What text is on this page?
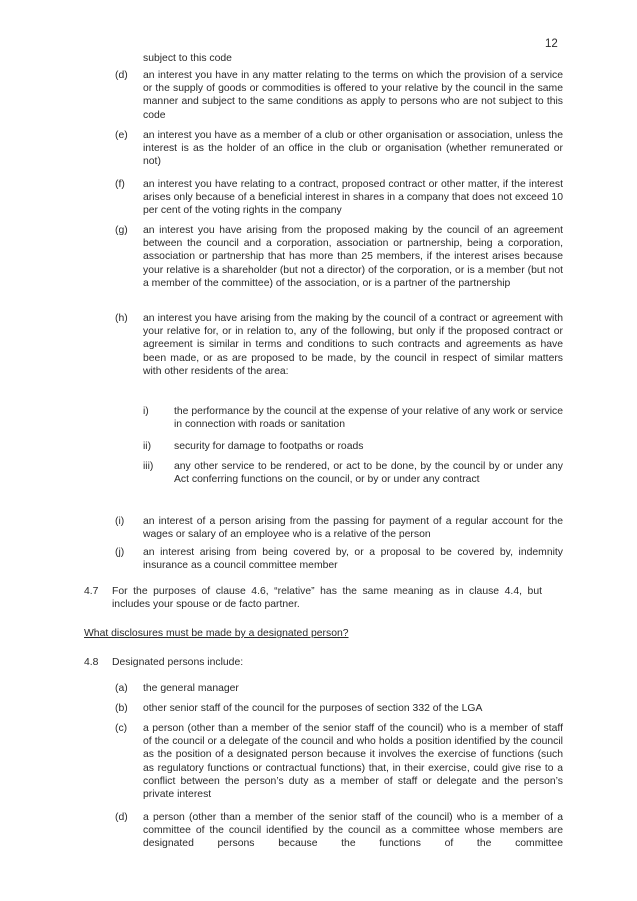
12
subject to this code
(d) an interest you have in any matter relating to the terms on which the provision of a service or the supply of goods or commodities is offered to your relative by the council in the same manner and subject to the same conditions as apply to persons who are not subject to this code
(e) an interest you have as a member of a club or other organisation or association, unless the interest is as the holder of an office in the club or organisation (whether remunerated or not)
(f) an interest you have relating to a contract, proposed contract or other matter, if the interest arises only because of a beneficial interest in shares in a company that does not exceed 10 per cent of the voting rights in the company
(g) an interest you have arising from the proposed making by the council of an agreement between the council and a corporation, association or partnership, being a corporation, association or partnership that has more than 25 members, if the interest arises because your relative is a shareholder (but not a director) of the corporation, or is a member (but not a member of the committee) of the association, or is a partner of the partnership
(h) an interest you have arising from the making by the council of a contract or agreement with your relative for, or in relation to, any of the following, but only if the proposed contract or agreement is similar in terms and conditions to such contracts and agreements as have been made, or as are proposed to be made, by the council in respect of similar matters with other residents of the area:
i) the performance by the council at the expense of your relative of any work or service in connection with roads or sanitation
ii) security for damage to footpaths or roads
iii) any other service to be rendered, or act to be done, by the council by or under any Act conferring functions on the council, or by or under any contract
(i) an interest of a person arising from the passing for payment of a regular account for the wages or salary of an employee who is a relative of the person
(j) an interest arising from being covered by, or a proposal to be covered by, indemnity insurance as a council committee member
4.7 For the purposes of clause 4.6, “relative” has the same meaning as in clause 4.4, but includes your spouse or de facto partner.
What disclosures must be made by a designated person?
4.8 Designated persons include:
(a) the general manager
(b) other senior staff of the council for the purposes of section 332 of the LGA
(c) a person (other than a member of the senior staff of the council) who is a member of staff of the council or a delegate of the council and who holds a position identified by the council as the position of a designated person because it involves the exercise of functions (such as regulatory functions or contractual functions) that, in their exercise, could give rise to a conflict between the person’s duty as a member of staff or delegate and the person’s private interest
(d) a person (other than a member of the senior staff of the council) who is a member of a committee of the council identified by the council as a committee whose members are designated persons because the functions of the committee
